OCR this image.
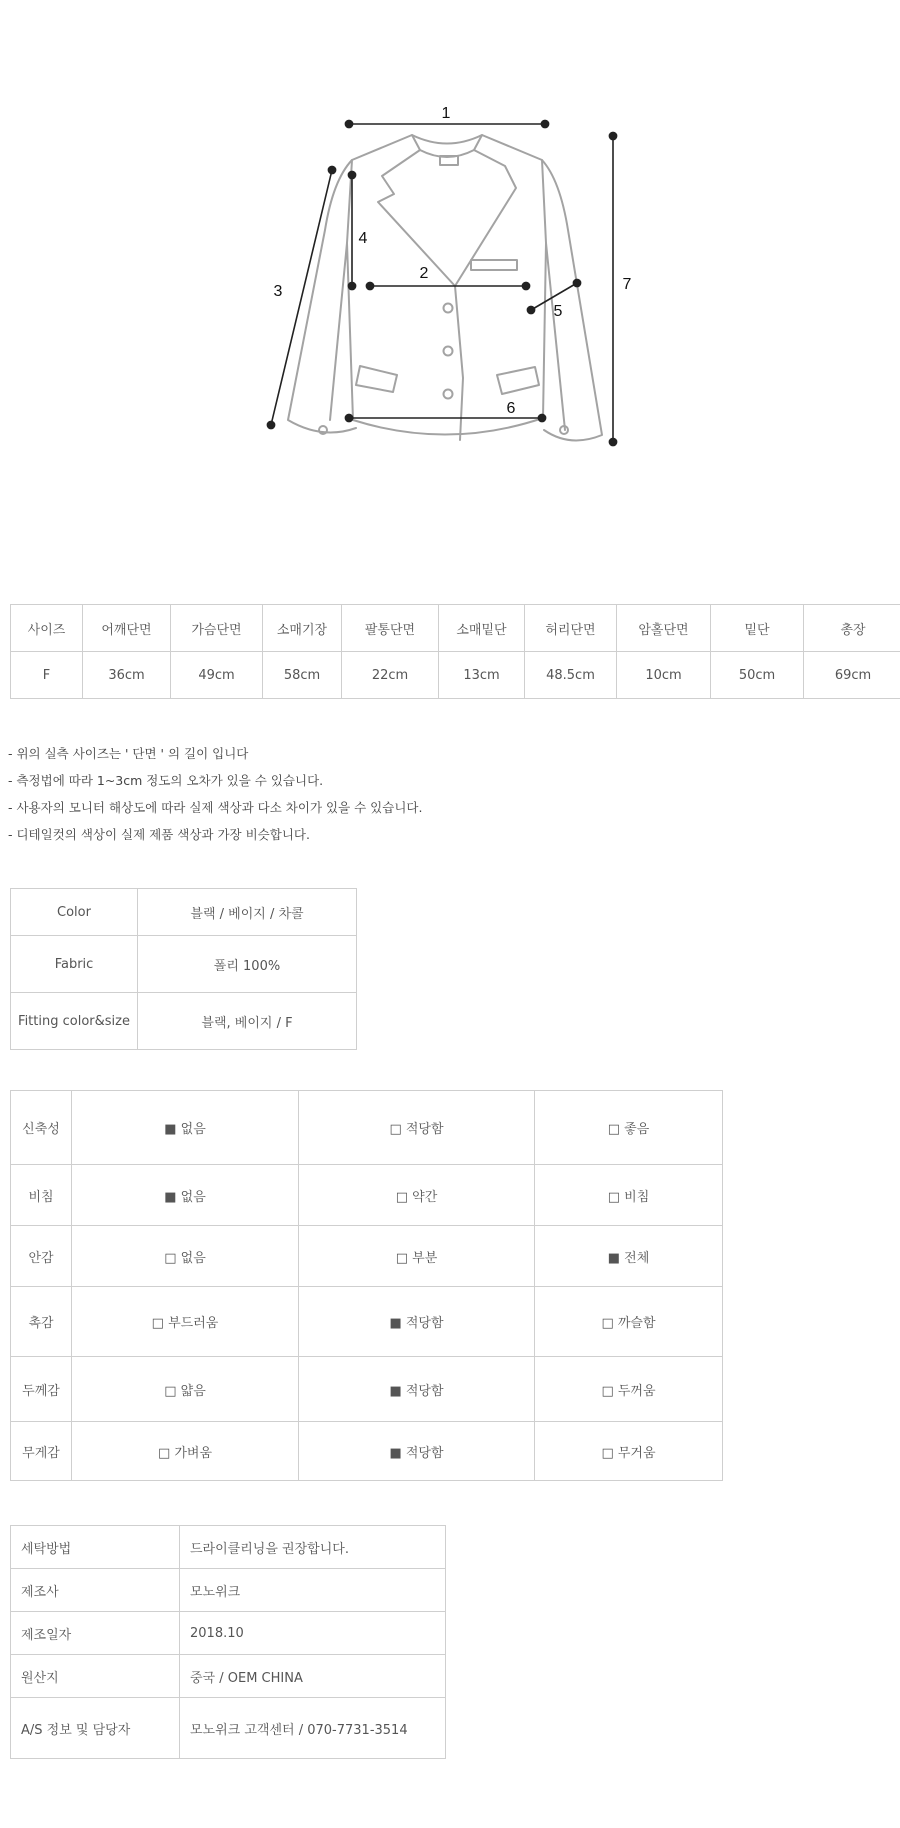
1
2
3
4
5
6
7
사이즈	어깨단면	가슴단면	소매기장	팔통단면	소매밑단	허리단면	암홀단면	밑단	총장
F	36cm	49cm	58cm	22cm	13cm	48.5cm	10cm	50cm	69cm
- 위의 실측 사이즈는 ' 단면 ' 의 길이 입니다
- 측정법에 따라 1~3cm 정도의 오차가 있을 수 있습니다.
- 사용자의 모니터 해상도에 따라 실제 색상과 다소 차이가 있을 수 있습니다.
- 디테일컷의 색상이 실제 제품 색상과 가장 비슷합니다.
Color	블랙 / 베이지 / 차콜
Fabric	폴리 100%
Fitting color&size	블랙, 베이지 / F
신축성	■ 없음	□ 적당함	□ 좋음
비침	■ 없음	□ 약간	□ 비침
안감	□ 없음	□ 부분	■ 전체
촉감	□ 부드러움	■ 적당함	□ 까슬함
두께감	□ 얇음	■ 적당함	□ 두꺼움
무게감	□ 가벼움	■ 적당함	□ 무거움
세탁방법	드라이클리닝을 권장합니다.
제조사	모노위크
제조일자	2018.10
원산지	중국 / OEM CHINA
A/S 정보 및 담당자	모노위크 고객센터 / 070-7731-3514
